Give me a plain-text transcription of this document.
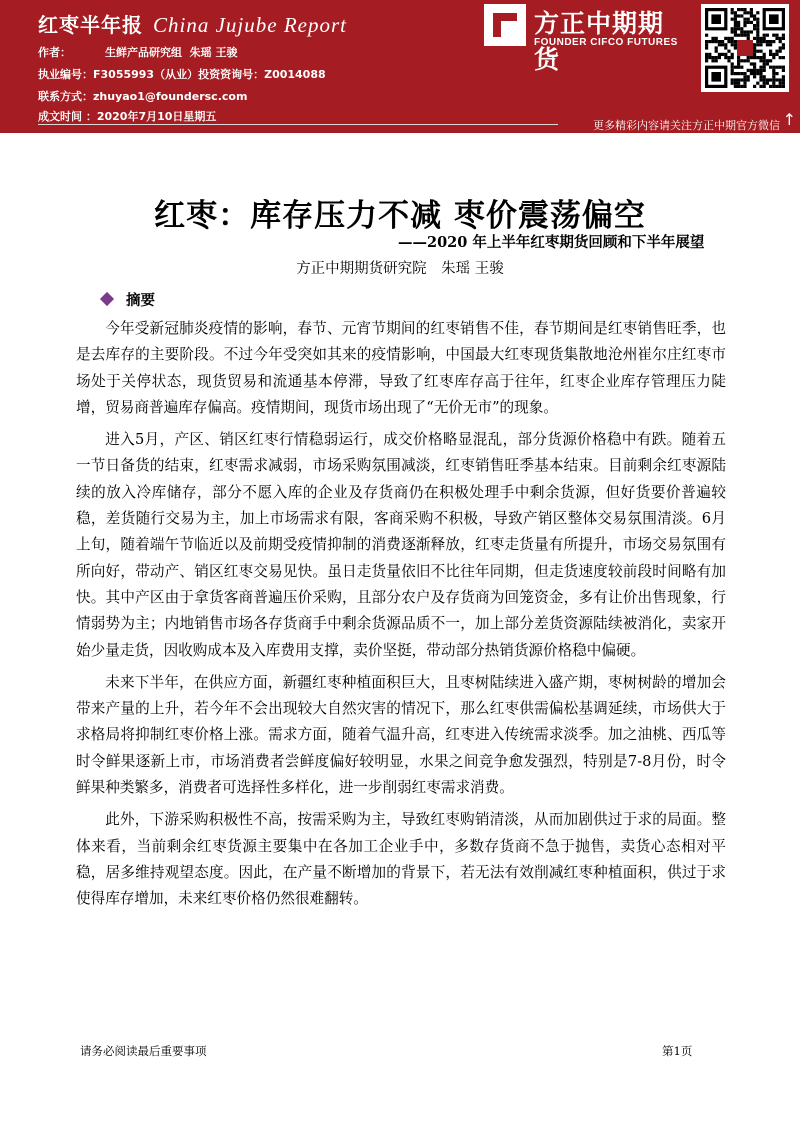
红枣半年报 China Jujube Report
作者：	生鲜产品研究组 朱瑶 王骏
执业编号：F3055993（从业）投资资询号：Z0014088
联系方式：zhuyao1@foundersc.com
成文时间 ：2020年7月10日星期五
方正中期期货
FOUNDER CIFCO FUTURES
更多精彩内容请关注方正中期官方微信 ↑
红枣：库存压力不减 枣价震荡偏空
——2020 年上半年红枣期货回顾和下半年展望
方正中期期货研究院　朱瑶 王骏
摘要

今年受新冠肺炎疫情的影响，春节、元宵节期间的红枣销售不佳，春节期间是红枣销售旺季，也是去库存的主要阶段。不过今年受突如其来的疫情影响，中国最大红枣现货集散地沧州崔尔庄红枣市场处于关停状态，现货贸易和流通基本停滞，导致了红枣库存高于往年，红枣企业库存管理压力陡增，贸易商普遍库存偏高。疫情期间，现货市场出现了“无价无市”的现象。

进入5月，产区、销区红枣行情稳弱运行，成交价格略显混乱，部分货源价格稳中有跌。随着五一节日备货的结束，红枣需求减弱，市场采购氛围减淡，红枣销售旺季基本结束。目前剩余红枣源陆续的放入冷库储存，部分不愿入库的企业及存货商仍在积极处理手中剩余货源，但好货要价普遍较稳，差货随行交易为主，加上市场需求有限，客商采购不积极，导致产销区整体交易氛围清淡。6月上旬，随着端午节临近以及前期受疫情抑制的消费逐渐释放，红枣走货量有所提升，市场交易氛围有所向好，带动产、销区红枣交易见快。虽日走货量依旧不比往年同期，但走货速度较前段时间略有加快。其中产区由于拿货客商普遍压价采购，且部分农户及存货商为回笼资金，多有让价出售现象，行情弱势为主；内地销售市场各存货商手中剩余货源品质不一，加上部分差货资源陆续被消化，卖家开始少量走货，因收购成本及入库费用支撑，卖价坚挺，带动部分热销货源价格稳中偏硬。

未来下半年，在供应方面，新疆红枣种植面积巨大，且枣树陆续进入盛产期，枣树树龄的增加会带来产量的上升，若今年不会出现较大自然灾害的情况下，那么红枣供需偏松基调延续，市场供大于求格局将抑制红枣价格上涨。需求方面，随着气温升高，红枣进入传统需求淡季。加之油桃、西瓜等时令鲜果逐新上市，市场消费者尝鲜度偏好较明显，水果之间竞争愈发强烈，特别是7-8月份，时令鲜果种类繁多，消费者可选择性多样化，进一步削弱红枣需求消费。

此外，下游采购积极性不高，按需采购为主，导致红枣购销清淡，从而加剧供过于求的局面。整体来看，当前剩余红枣货源主要集中在各加工企业手中，多数存货商不急于抛售，卖货心态相对平稳，居多维持观望态度。因此，在产量不断增加的背景下，若无法有效削减红枣种植面积，供过于求使得库存增加，未来红枣价格仍然很难翻转。

请务必阅读最后重要事项	第1页
